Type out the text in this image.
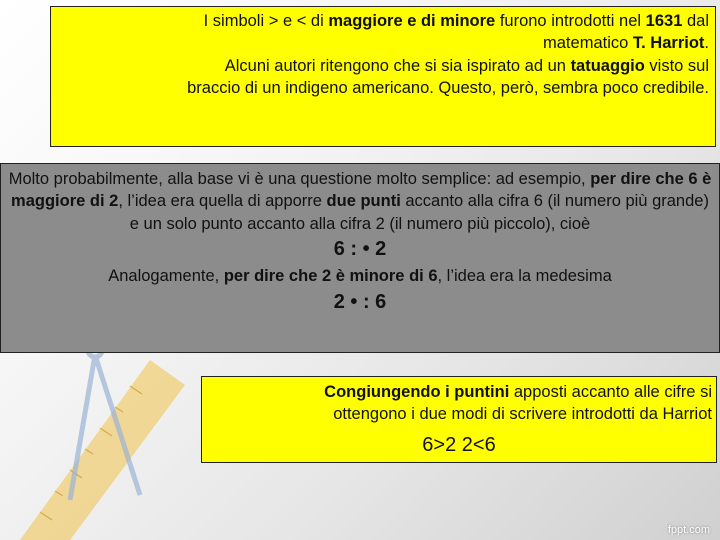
I simboli > e < di maggiore e di minore furono introdotti nel 1631 dal
matematico T. Harriot.
Alcuni autori ritengono che si sia ispirato ad un tatuaggio visto sul
braccio di un indigeno americano. Questo, però, sembra poco credibile.

Molto probabilmente, alla base vi è una questione molto semplice: ad esempio, per dire che 6 è maggiore di 2, l’idea era quella di apporre due punti accanto alla cifra 6 (il numero più grande) e un solo punto accanto alla cifra 2 (il numero più piccolo), cioè

6 : • 2

Analogamente, per dire che 2 è minore di 6, l’idea era la medesima

2 • : 6

Congiungendo i puntini apposti accanto alle cifre si
ottengono i due modi di scrivere introdotti da Harriot

6>2 2<6
fppt.com
